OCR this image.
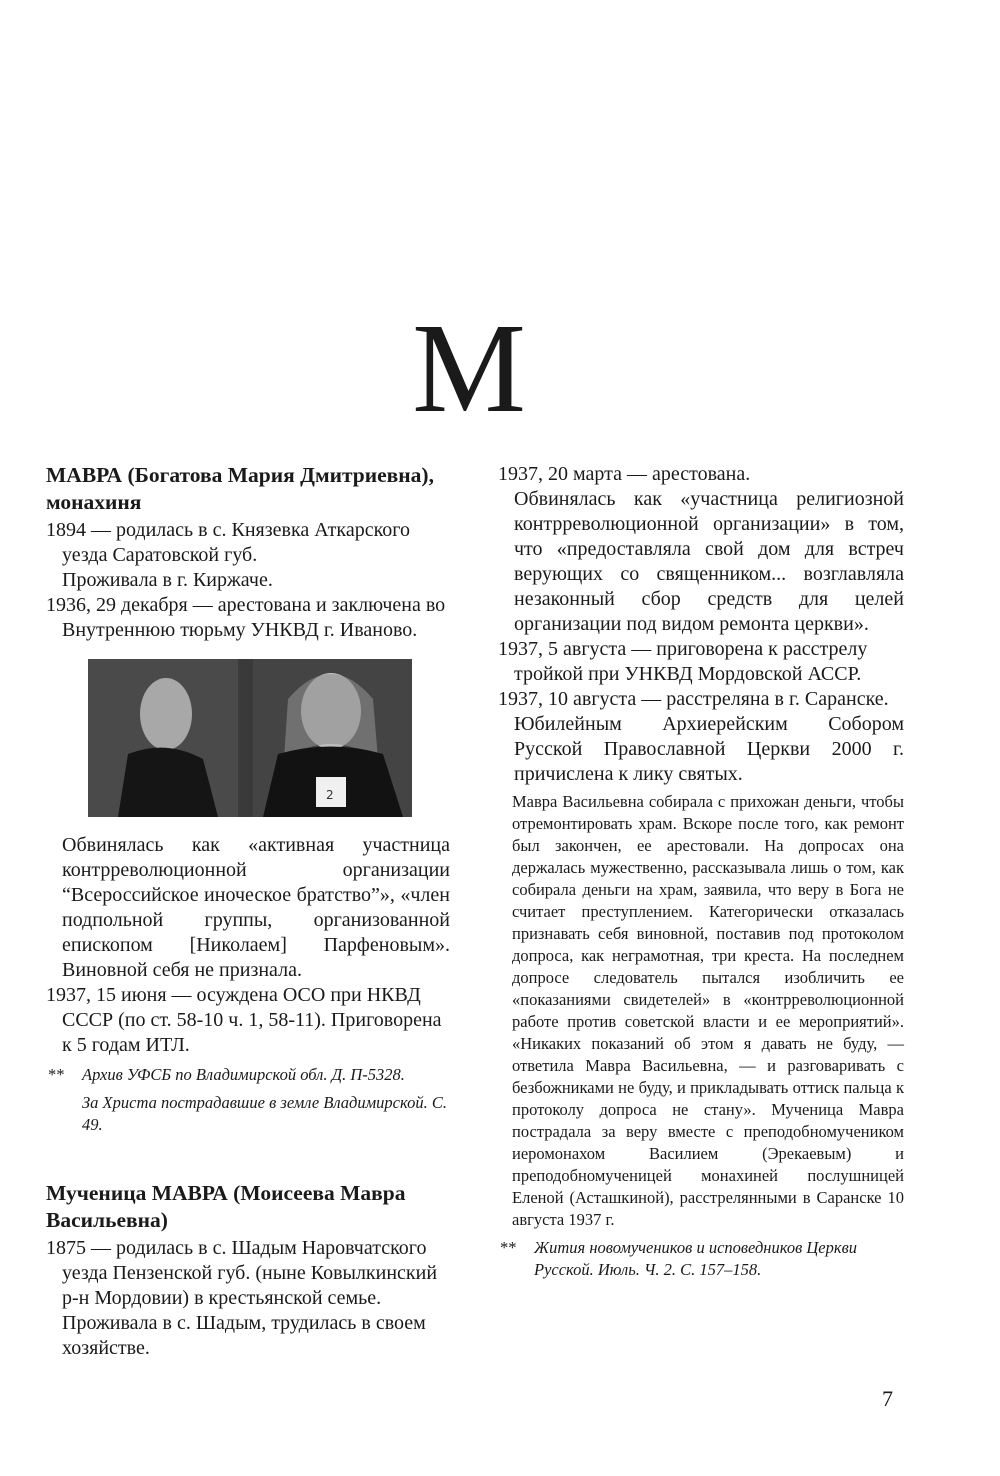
М

МАВРА (Богатова Мария Дмитриевна), монахиня

1894 — родилась в с. Князевка Аткарского уезда Саратовской губ.

Проживала в г. Киржаче.

1936, 29 декабря — арестована и заключена во Внутреннюю тюрьму УНКВД г. Иваново.

2

Обвинялась как «активная участница контрреволюционной организации “Всероссийское иноческое братство”», «член подпольной группы, организованной епископом [Николаем] Парфеновым». Виновной себя не признала.

1937, 15 июня — осуждена ОСО при НКВД СССР (по ст. 58-10 ч. 1, 58-11). Приговорена к 5 годам ИТЛ.

** Архив УФСБ по Владимирской обл. Д. П-5328.
За Христа пострадавшие в земле Владимирской. С. 49.

Мученица МАВРА (Моисеева Мавра Васильевна)

1875 — родилась в с. Шадым Наровчатского уезда Пензенской губ. (ныне Ковылкинский р-н Мордовии) в крестьянской семье.

Проживала в с. Шадым, трудилась в своем хозяйстве.

1937, 20 марта — арестована.

Обвинялась как «участница религиозной контрреволюционной организации» в том, что «предоставляла свой дом для встреч верующих со священником... возглавляла незаконный сбор средств для целей организации под видом ремонта церкви».

1937, 5 августа — приговорена к расстрелу тройкой при УНКВД Мордовской АССР.

1937, 10 августа — расстреляна в г. Саранске.

Юбилейным Архиерейским Собором Русской Православной Церкви 2000 г. причислена к лику святых.

Мавра Васильевна собирала с прихожан деньги, чтобы отремонтировать храм. Вскоре после того, как ремонт был закончен, ее арестовали. На допросах она держалась мужественно, рассказывала лишь о том, как собирала деньги на храм, заявила, что веру в Бога не считает преступлением. Категорически отказалась признавать себя виновной, поставив под протоколом допроса, как неграмотная, три креста. На последнем допросе следователь пытался изобличить ее «показаниями свидетелей» в «контрреволюционной работе против советской власти и ее мероприятий». «Никаких показаний об этом я давать не буду, — ответила Мавра Васильевна, — и разговаривать с безбожниками не буду, и прикладывать оттиск пальца к протоколу допроса не стану». Мученица Мавра пострадала за веру вместе с преподобномучеником иеромонахом Василием (Эрекаевым) и преподобномученицей монахиней послушницей Еленой (Асташкиной), расстрелянными в Саранске 10 августа 1937 г.

** Жития новомучеников и исповедников Церкви Русской. Июль. Ч. 2. С. 157–158.
7
